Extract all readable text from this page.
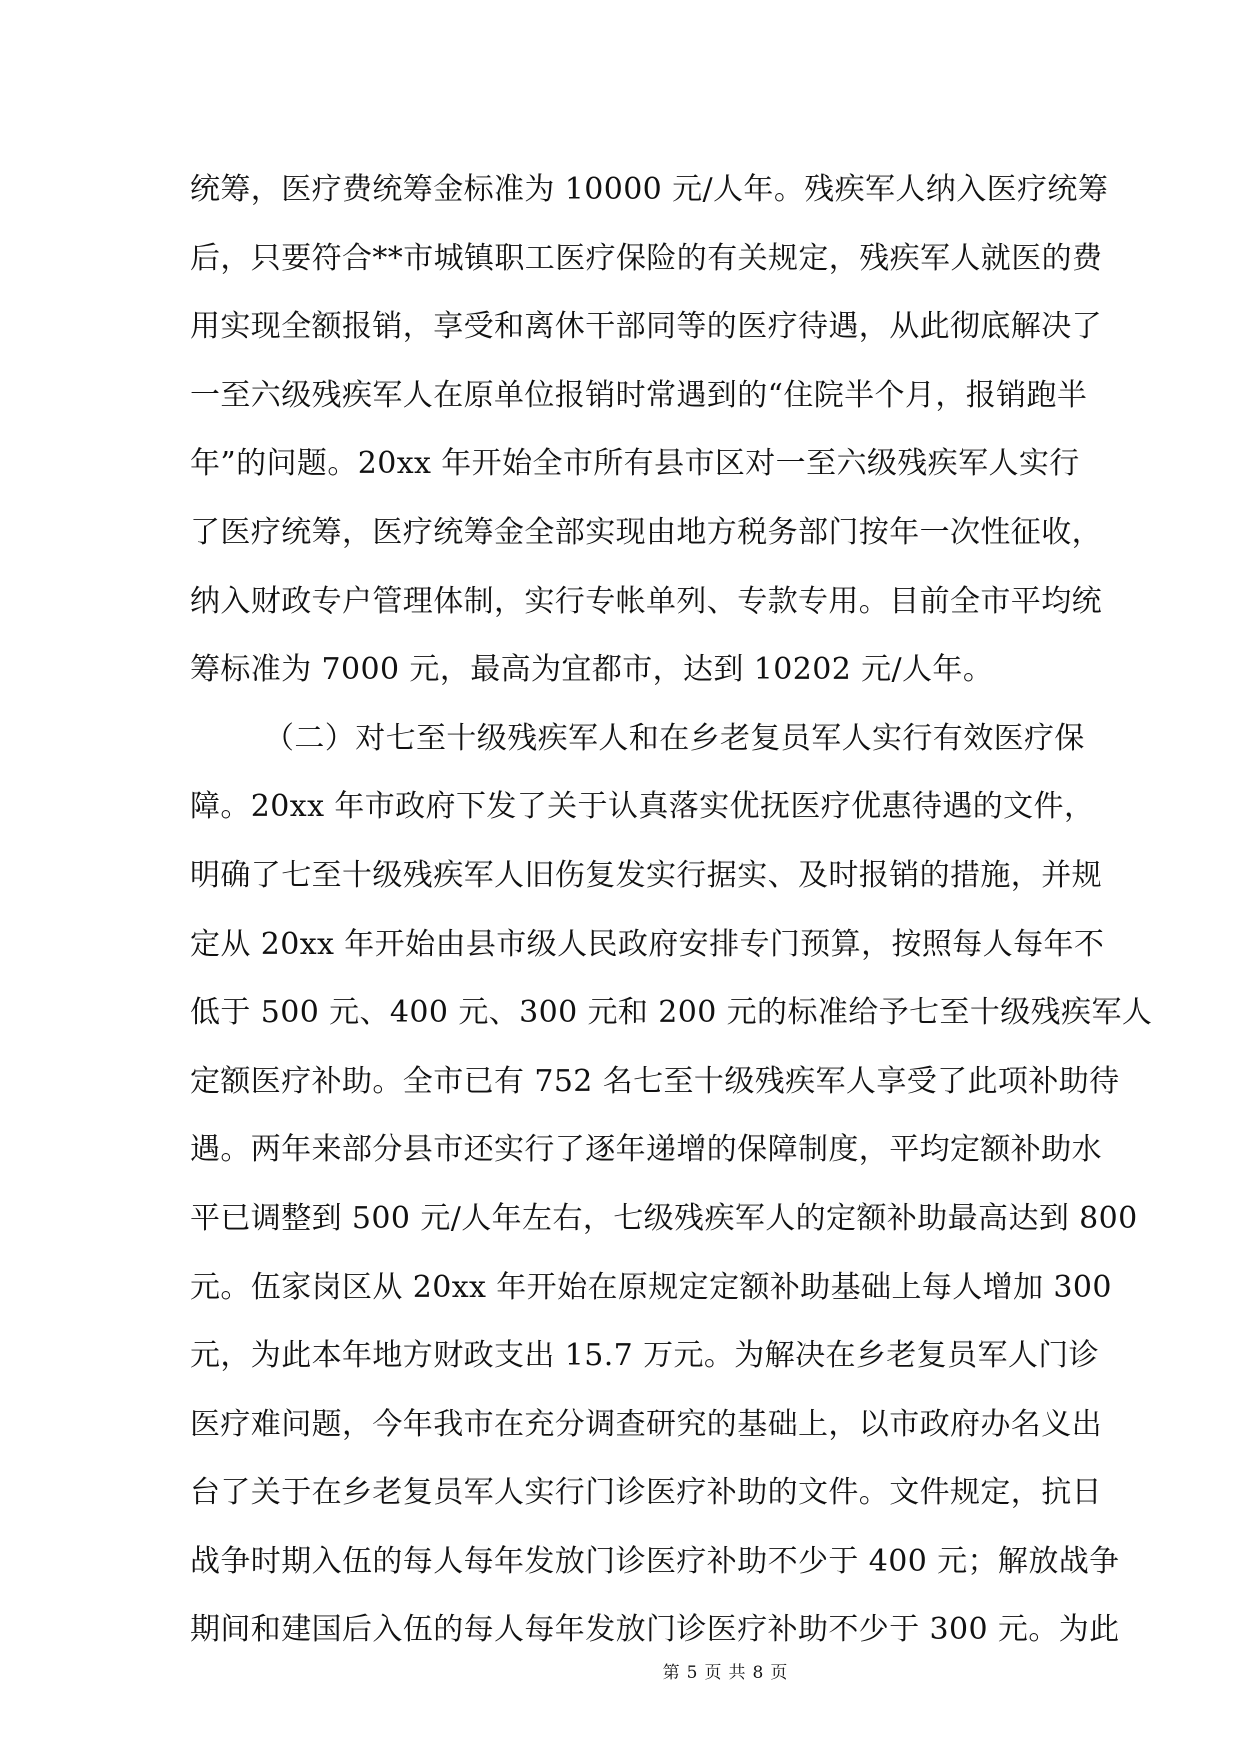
统筹，医疗费统筹金标准为 10000 元/人年。残疾军人纳入医疗统筹
后，只要符合**市城镇职工医疗保险的有关规定，残疾军人就医的费
用实现全额报销，享受和离休干部同等的医疗待遇，从此彻底解决了
一至六级残疾军人在原单位报销时常遇到的“住院半个月，报销跑半
年”的问题。20xx 年开始全市所有县市区对一至六级残疾军人实行
了医疗统筹，医疗统筹金全部实现由地方税务部门按年一次性征收，
纳入财政专户管理体制，实行专帐单列、专款专用。目前全市平均统
筹标准为 7000 元，最高为宜都市，达到 10202 元/人年。
（二）对七至十级残疾军人和在乡老复员军人实行有效医疗保
障。20xx 年市政府下发了关于认真落实优抚医疗优惠待遇的文件，
明确了七至十级残疾军人旧伤复发实行据实、及时报销的措施，并规
定从 20xx 年开始由县市级人民政府安排专门预算，按照每人每年不
低于 500 元、400 元、300 元和 200 元的标准给予七至十级残疾军人
定额医疗补助。全市已有 752 名七至十级残疾军人享受了此项补助待
遇。两年来部分县市还实行了逐年递增的保障制度，平均定额补助水
平已调整到 500 元/人年左右，七级残疾军人的定额补助最高达到 800
元。伍家岗区从 20xx 年开始在原规定定额补助基础上每人增加 300
元，为此本年地方财政支出 15.7 万元。为解决在乡老复员军人门诊
医疗难问题，今年我市在充分调查研究的基础上，以市政府办名义出
台了关于在乡老复员军人实行门诊医疗补助的文件。文件规定，抗日
战争时期入伍的每人每年发放门诊医疗补助不少于 400 元；解放战争
期间和建国后入伍的每人每年发放门诊医疗补助不少于 300 元。为此
第 5 页 共 8 页
